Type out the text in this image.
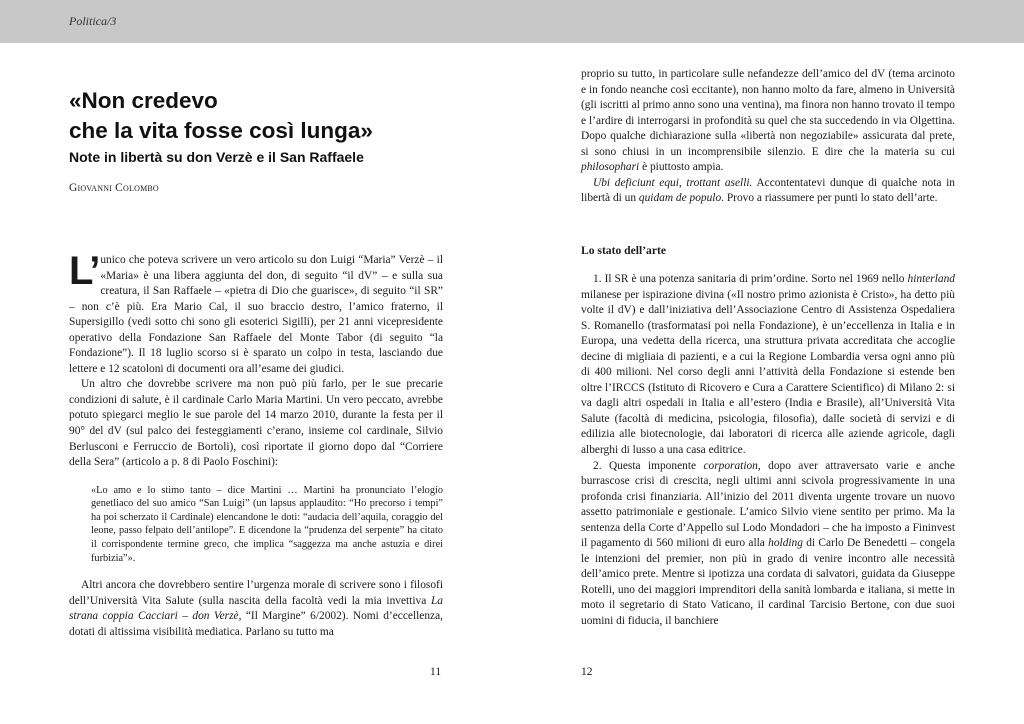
Politica/3
«Non credevo
che la vita fosse così lunga»
Note in libertà su don Verzè e il San Raffaele
Giovanni Colombo

L’ unico che poteva scrivere un vero articolo su don Luigi “Maria” Verzè – il «Maria» è una libera aggiunta del don, di seguito “il dV” – e sulla sua creatura, il San Raffaele – «pietra di Dio che guarisce», di seguito “il SR” – non c’è più. Era Mario Cal, il suo braccio destro, l’amico fraterno, il Supersigillo (vedi sotto chi sono gli esoterici Sigilli), per 21 anni vicepresidente operativo della Fondazione San Raffaele del Monte Tabor (di seguito “la Fondazione”). Il 18 luglio scorso si è sparato un colpo in testa, lasciando due lettere e 12 scatoloni di documenti ora all’esame dei giudici.

Un altro che dovrebbe scrivere ma non può più farlo, per le sue precarie condizioni di salute, è il cardinale Carlo Maria Martini. Un vero peccato, avrebbe potuto spiegarci meglio le sue parole del 14 marzo 2010, durante la festa per il 90° del dV (sul palco dei festeggiamenti c’erano, insieme col cardinale, Silvio Berlusconi e Ferruccio de Bortoli), così riportate il giorno dopo dal “Corriere della Sera” (articolo a p. 8 di Paolo Foschini):

«Lo amo e lo stimo tanto – dice Martini … Martini ha pronunciato l’elogio genetliaco del suo amico “San Luigi” (un lapsus applaudito: “Ho precorso i tempi” ha poi scherzato il Cardinale) elencandone le doti: “audacia dell’aquila, coraggio del leone, passo felpato dell’antilope”. E dicendone la “prudenza del serpente” ha citato il corrispondente termine greco, che implica “saggezza ma anche astuzia e direi furbizia”».

Altri ancora che dovrebbero sentire l’urgenza morale di scrivere sono i filosofi dell’Università Vita Salute (sulla nascita della facoltà vedi la mia invettiva La strana coppia Cacciari – don Verzè, “Il Margine” 6/2002). Nomi d’eccellenza, dotati di altissima visibilità mediatica. Parlano su tutto ma

proprio su tutto, in particolare sulle nefandezze dell’amico del dV (tema arcinoto e in fondo neanche così eccitante), non hanno molto da fare, almeno in Università (gli iscritti al primo anno sono una ventina), ma finora non hanno trovato il tempo e l’ardire di interrogarsi in profondità su quel che sta succedendo in via Olgettina. Dopo qualche dichiarazione sulla «libertà non negoziabile» assicurata dal prete, si sono chiusi in un incomprensibile silenzio. E dire che la materia su cui philosophari è piuttosto ampia.

Ubi deficiunt equi, trottant aselli. Accontentatevi dunque di qualche nota in libertà di un quidam de populo. Provo a riassumere per punti lo stato dell’arte.

Lo stato dell’arte

1. Il SR è una potenza sanitaria di prim’ordine. Sorto nel 1969 nello hinterland milanese per ispirazione divina («Il nostro primo azionista è Cristo», ha detto più volte il dV) e dall’iniziativa dell’Associazione Centro di Assistenza Ospedaliera S. Romanello (trasformatasi poi nella Fondazione), è un’eccellenza in Italia e in Europa, una vedetta della ricerca, una struttura privata accreditata che accoglie decine di migliaia di pazienti, e a cui la Regione Lombardia versa ogni anno più di 400 milioni. Nel corso degli anni l’attività della Fondazione si estende ben oltre l’IRCCS (Istituto di Ricovero e Cura a Carattere Scientifico) di Milano 2: si va dagli altri ospedali in Italia e all’estero (India e Brasile), all’Università Vita Salute (facoltà di medicina, psicologia, filosofia), dalle società di servizi e di edilizia alle biotecnologie, dai laboratori di ricerca alle aziende agricole, dagli alberghi di lusso a una casa editrice.

2. Questa imponente corporation, dopo aver attraversato varie e anche burrascose crisi di crescita, negli ultimi anni scivola progressivamente in una profonda crisi finanziaria. All’inizio del 2011 diventa urgente trovare un nuovo assetto patrimoniale e gestionale. L’amico Silvio viene sentito per primo. Ma la sentenza della Corte d’Appello sul Lodo Mondadori – che ha imposto a Fininvest il pagamento di 560 milioni di euro alla holding di Carlo De Benedetti – congela le intenzioni del premier, non più in grado di venire incontro alle necessità dell’amico prete. Mentre si ipotizza una cordata di salvatori, guidata da Giuseppe Rotelli, uno dei maggiori imprenditori della sanità lombarda e italiana, si mette in moto il segretario di Stato Vaticano, il cardinal Tarcisio Bertone, con due suoi uomini di fiducia, il banchiere

11	12
